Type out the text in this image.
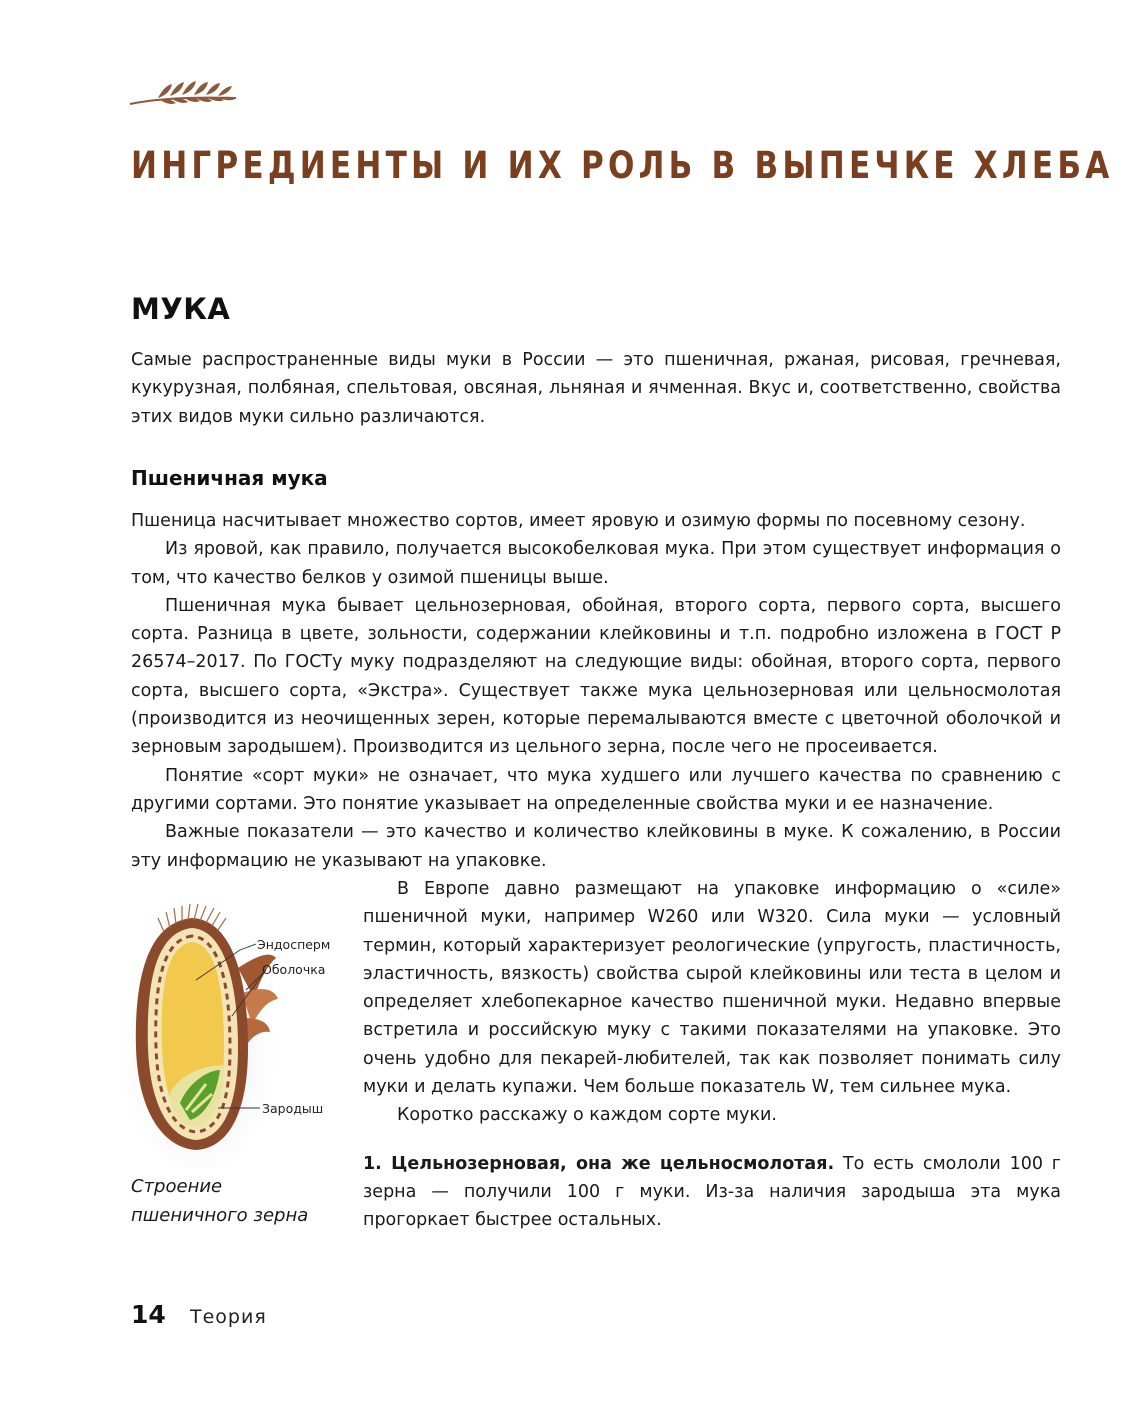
ИНГРЕДИЕНТЫ И ИХ РОЛЬ В ВЫПЕЧКЕ ХЛЕБА
МУКА

Самые распространенные виды муки в России — это пшеничная, ржаная, рисовая, гречневая, кукурузная, полбяная, спельтовая, овсяная, льняная и ячменная. Вкус и, соответственно, свойства этих видов муки сильно различаются.

Пшеничная мука

Пшеница насчитывает множество сортов, имеет яровую и озимую формы по посевному сезону.

Из яровой, как правило, получается высокобелковая мука. При этом существует информация о том, что качество белков у озимой пшеницы выше.

Пшеничная мука бывает цельнозерновая, обойная, второго сорта, первого сорта, высшего сорта. Разница в цвете, зольности, содержании клейковины и т.п. подробно изложена в ГОСТ Р 26574–2017. По ГОСТу муку подразделяют на следующие виды: обойная, второго сорта, первого сорта, высшего сорта, «Экстра». Существует также мука цельнозерновая или цельносмолотая (производится из неочищенных зерен, которые перемалываются вместе с цветочной оболочкой и зерновым зародышем). Производится из цельного зерна, после чего не просеивается.

Понятие «сорт муки» не означает, что мука худшего или лучшего качества по сравнению с другими сортами. Это понятие указывает на определенные свойства муки и ее назначение.

Важные показатели — это качество и количество клейковины в муке. К сожалению, в России эту информацию не указывают на упаковке.

Эндосперм
Оболочка
Зародыш
Строение пшеничного зерна

В Европе давно размещают на упаковке информацию о «силе» пшеничной муки, например W260 или W320. Сила муки — условный термин, который характеризует реологические (упругость, пластичность, эластичность, вязкость) свойства сырой клейковины или теста в целом и определяет хлебопекарное качество пшеничной муки. Недавно впервые встретила и российскую муку с такими показателями на упаковке. Это очень удобно для пекарей-любителей, так как позволяет понимать силу муки и делать купажи. Чем больше показатель W, тем сильнее мука.

Коротко расскажу о каждом сорте муки.

1. Цельнозерновая, она же цельносмолотая. То есть смололи 100 г зерна — получили 100 г муки. Из-за наличия зародыша эта мука прогоркает быстрее остальных.

14 Теория
